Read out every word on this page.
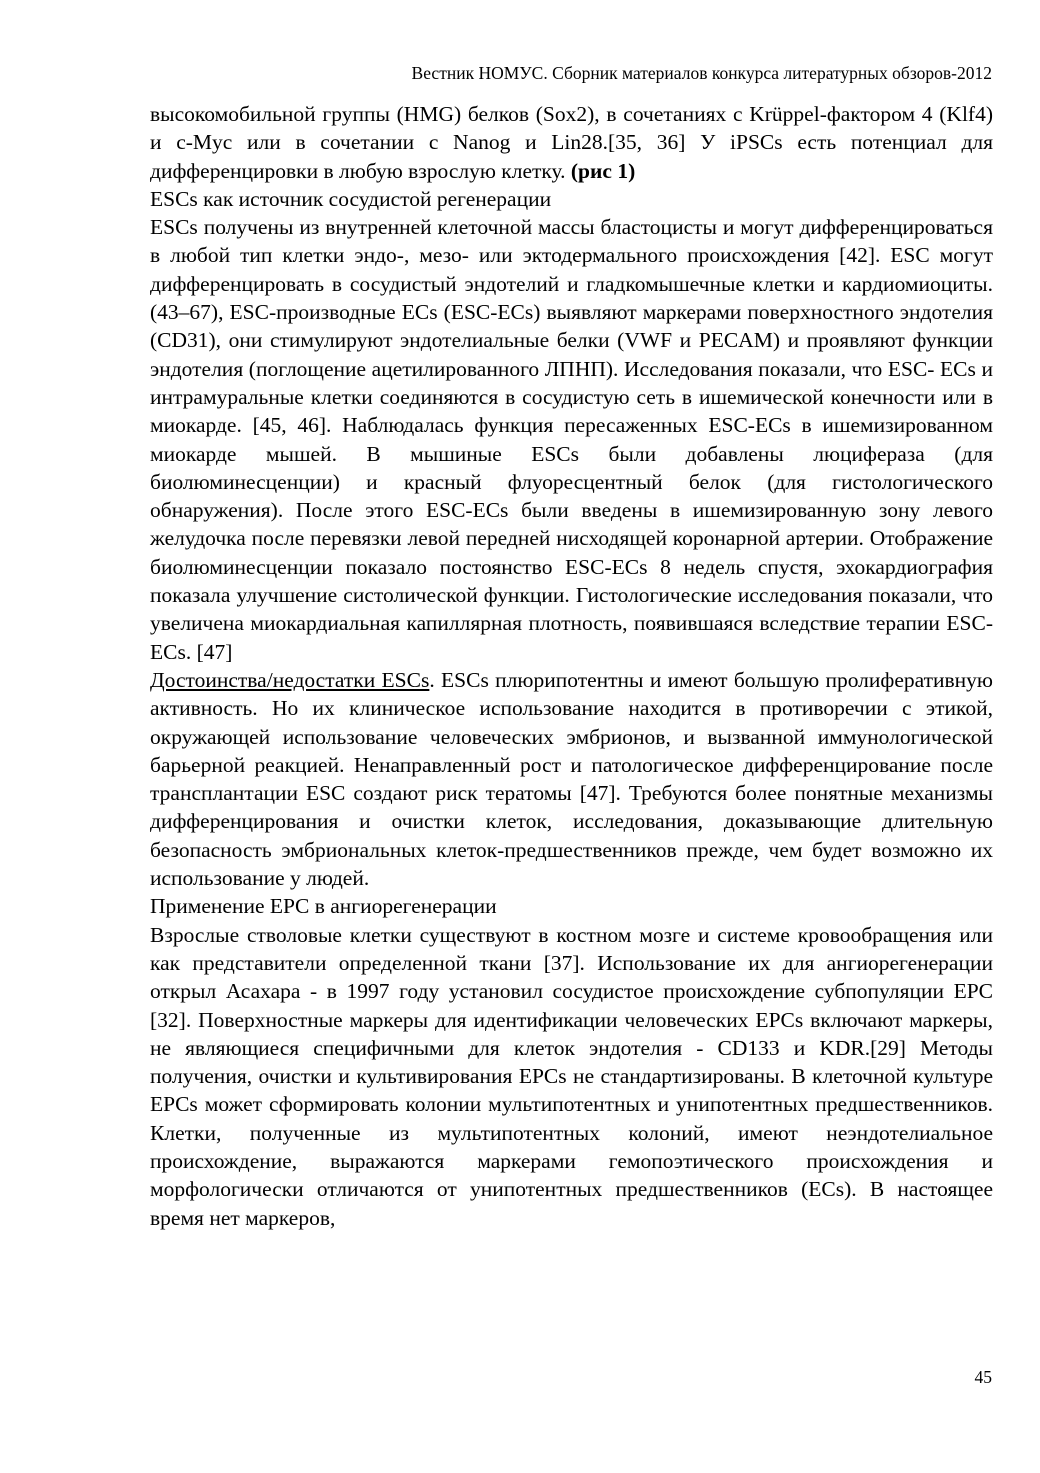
Вестник НОМУС. Сборник материалов конкурса литературных обзоров-2012

высокомобильной группы (HMG) белков (Sox2), в сочетаниях с Krüppel-фактором 4 (Klf4) и c-Myc или в сочетании с Nanog и Lin28.[35, 36] У iPSCs есть потенциал для дифференцировки в любую взрослую клетку. (рис 1)

ESCs как источник сосудистой регенерации

ESCs получены из внутренней клеточной массы бластоцисты и могут дифференцироваться в любой тип клетки эндо-, мезо- или эктодермального происхождения [42]. ESC могут дифференцировать в сосудистый эндотелий и гладкомышечные клетки и кардиомиоциты.(43–67), ESC-производные ECs (ESC-ECs) выявляют маркерами поверхностного эндотелия (CD31), они стимулируют эндотелиальные белки (VWF и PECAM) и проявляют функции эндотелия (поглощение ацетилированного ЛПНП). Исследования показали, что ESC- ECs и интрамуральные клетки соединяются в сосудистую сеть в ишемической конечности или в миокарде. [45, 46]. Наблюдалась функция пересаженных ESC-ECs в ишемизированном миокарде мышей. В мышиные ESCs были добавлены люцифераза (для биолюминесценции) и красный флуоресцентный белок (для гистологического обнаружения). После этого ESC-ECs были введены в ишемизированную зону левого желудочка после перевязки левой передней нисходящей коронарной артерии. Отображение биолюминесценции показало постоянство ESC-ECs 8 недель спустя, эхокардиография показала улучшение систолической функции. Гистологические исследования показали, что увеличена миокардиальная капиллярная плотность, появившаяся вследствие терапии ESC-ECs. [47]

Достоинства/недостатки ESCs. ESCs плюрипотентны и имеют большую пролиферативную активность. Но их клиническое использование находится в противоречии с этикой, окружающей использование человеческих эмбрионов, и вызванной иммунологической барьерной реакцией. Ненаправленный рост и патологическое дифференцирование после трансплантации ESC создают риск тератомы [47]. Требуются более понятные механизмы дифференцирования и очистки клеток, исследования, доказывающие длительную безопасность эмбриональных клеток-предшественников прежде, чем будет возможно их использование у людей.

Применение EPC в ангиорегенерации

Взрослые стволовые клетки существуют в костном мозге и системе кровообращения или как представители определенной ткани [37]. Использование их для ангиорегенерации открыл Асахара - в 1997 году установил сосудистое происхождение субпопуляции EPC [32]. Поверхностные маркеры для идентификации человеческих EPCs включают маркеры, не являющиеся специфичными для клеток эндотелия - CD133 и KDR.[29] Методы получения, очистки и культивирования EPCs не стандартизированы. В клеточной культуре EPCs может сформировать колонии мультипотентных и унипотентных предшественников. Клетки, полученные из мультипотентных колоний, имеют неэндотелиальное происхождение, выражаются маркерами гемопоэтического происхождения и морфологически отличаются от унипотентных предшественников (ECs). В настоящее время нет маркеров,

45
